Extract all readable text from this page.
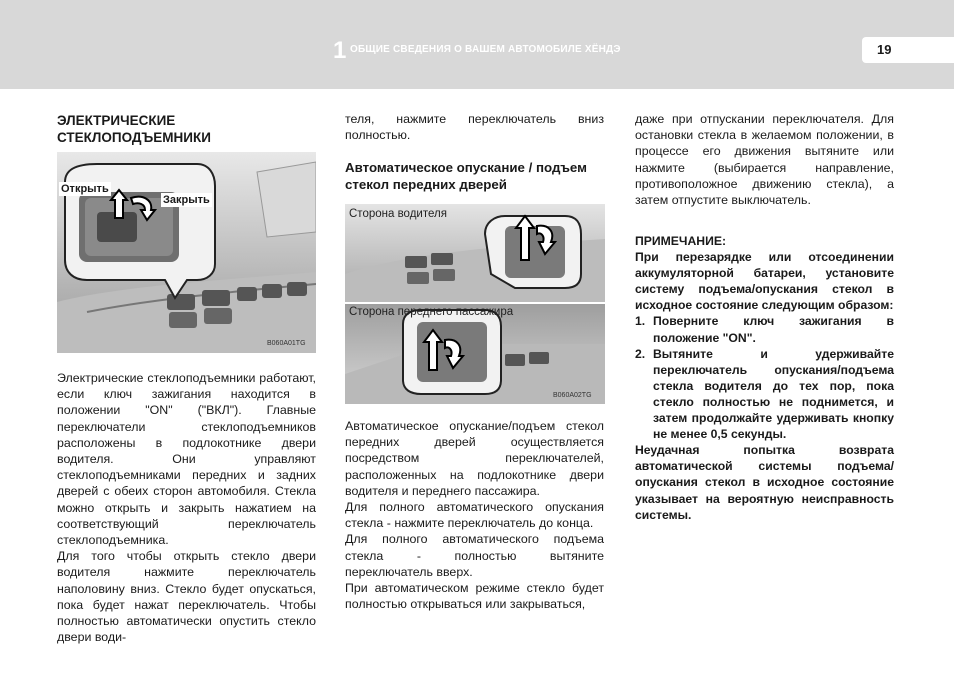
1 ОБЩИЕ СВЕДЕНИЯ О ВАШЕМ АВТОМОБИЛЕ ХЁНДЭ	19
ЭЛЕКТРИЧЕСКИЕ
СТЕКЛОПОДЪЕМНИКИ
Открыть
Закрыть
B060A01TG

Электрические стеклоподъемники работают, если ключ зажигания находится в положении "ON" ("ВКЛ"). Главные переключатели стеклоподъемников расположены в подлокотнике двери водителя. Они управляют стеклоподъемниками передних и задних дверей с обеих сторон автомобиля. Стекла можно открыть и закрыть нажатием на соответствующий переключатель стеклоподъемника.

Для того чтобы открыть стекло двери водителя нажмите переключатель наполовину вниз. Стекло будет опускаться, пока будет нажат переключатель. Чтобы полностью автоматически опустить стекло двери води-

теля, нажмите переключатель вниз полностью.

Автоматическое опускание / подъем стекол передних дверей
Сторона водителя
Сторона переднего пассажира
B060A02TG

Автоматическое опускание/подъем стекол передних дверей осуществляется посредством переключателей, расположенных на подлокотнике двери водителя и переднего пассажира.

Для полного автоматического опускания стекла - нажмите переключатель до конца.

Для полного автоматического подъема стекла - полностью вытяните переключатель вверх.

При автоматическом режиме стекло будет полностью открываться или закрываться,

даже при отпускании переключателя. Для остановки стекла в желаемом положении, в процессе его движения вытяните или нажмите (выбирается направление, противоположное движению стекла), а затем отпустите выключатель.

ПРИМЕЧАНИЕ:

При перезарядке или отсоединении аккумуляторной батареи, установите систему подъема/опускания стекол в исходное состояние следующим образом:

1. Поверните ключ зажигания в положение "ON".

2. Вытяните и удерживайте переключатель опускания/подъема стекла водителя до тех пор, пока стекло полностью не поднимется, и затем продолжайте удерживать кнопку не менее 0,5 секунды.

Неудачная попытка возврата автоматической системы подъема/опускания стекол в исходное состояние указывает на вероятную неисправность системы.
